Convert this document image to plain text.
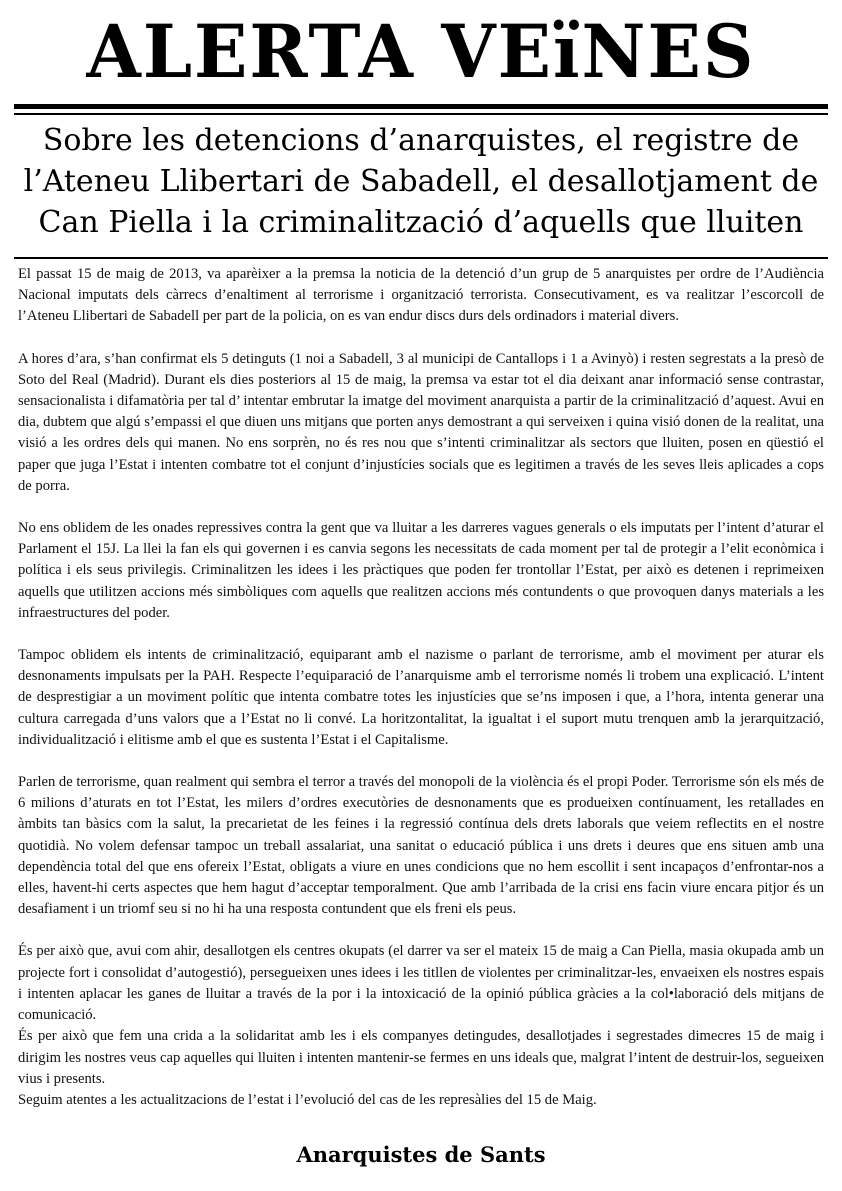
ALERTA VEïNES
Sobre les detencions d’anarquistes, el registre de l’Ateneu Llibertari de Sabadell, el desallotjament de Can Piella i la criminalització d’aquells que lluiten

El passat 15 de maig de 2013, va aparèixer a la premsa la noticia de la detenció d’un grup de 5 anarquistes per ordre de l’Audiència Nacional imputats dels càrrecs d’enaltiment al terrorisme i organització terrorista. Consecutivament, es va realitzar l’escorcoll de l’Ateneu Llibertari de Sabadell per part de la policia, on es van endur discs durs dels ordinadors i material divers.

A hores d’ara, s’han confirmat els 5 detinguts (1 noi a Sabadell, 3 al municipi de Cantallops i 1 a Avinyò) i resten segrestats a la presò de Soto del Real (Madrid). Durant els dies posteriors al 15 de maig, la premsa va estar tot el dia deixant anar informació sense contrastar, sensacionalista i difamatòria per tal d’ intentar embrutar la imatge del moviment anarquista a partir de la criminalització d’aquest. Avui en dia, dubtem que algú s’empassi el que diuen uns mitjans que porten anys demostrant a qui serveixen i quina visió donen de la realitat, una visió a les ordres dels qui manen. No ens sorprèn, no és res nou que s’intenti criminalitzar als sectors que lluiten, posen en qüestió el paper que juga l’Estat i intenten combatre tot el conjunt d’injustícies socials que es legitimen a través de les seves lleis aplicades a cops de porra.

No ens oblidem de les onades repressives contra la gent que va lluitar a les darreres vagues generals o els imputats per l’intent d’aturar el Parlament el 15J. La llei la fan els qui governen i es canvia segons les necessitats de cada moment per tal de protegir a l’elit econòmica i política i els seus privilegis. Criminalitzen les idees i les pràctiques que poden fer trontollar l’Estat, per això es detenen i reprimeixen aquells que utilitzen accions més simbòliques com aquells que realitzen accions més contundents o que provoquen danys materials a les infraestructures del poder.

Tampoc oblidem els intents de criminalització, equiparant amb el nazisme o parlant de terrorisme, amb el moviment per aturar els desnonaments impulsats per la PAH. Respecte l’equiparació de l’anarquisme amb el terrorisme només li trobem una explicació. L’intent de desprestigiar a un moviment polític que intenta combatre totes les injustícies que se’ns imposen i que, a l’hora, intenta generar una cultura carregada d’uns valors que a l’Estat no li convé. La horitzontalitat, la igualtat i el suport mutu trenquen amb la jerarquització, individualització i elitisme amb el que es sustenta l’Estat i el Capitalisme.

Parlen de terrorisme, quan realment qui sembra el terror a través del monopoli de la violència és el propi Poder. Terrorisme són els més de 6 milions d’aturats en tot l’Estat, les milers d’ordres executòries de desnonaments que es produeixen contínuament, les retallades en àmbits tan bàsics com la salut, la precarietat de les feines i la regressió contínua dels drets laborals que veiem reflectits en el nostre quotidià. No volem defensar tampoc un treball assalariat, una sanitat o educació pública i uns drets i deures que ens situen amb una dependència total del que ens ofereix l’Estat, obligats a viure en unes condicions que no hem escollit i sent incapaços d’enfrontar-nos a elles, havent-hi certs aspectes que hem hagut d’acceptar temporalment. Que amb l’arribada de la crisi ens facin viure encara pitjor és un desafiament i un triomf seu si no hi ha una resposta contundent que els freni els peus.

És per això que, avui com ahir, desallotgen els centres okupats (el darrer va ser el mateix 15 de maig a Can Piella, masia okupada amb un projecte fort i consolidat d’autogestió), persegueixen unes idees i les titllen de violentes per criminalitzar-les, envaeixen els nostres espais i intenten aplacar les ganes de lluitar a través de la por i la intoxicació de la opinió pública gràcies a la col•laboració dels mitjans de comunicació.

És per això que fem una crida a la solidaritat amb les i els companyes detingudes, desallotjades i segrestades dimecres 15 de maig i dirigim les nostres veus cap aquelles qui lluiten i intenten mantenir-se fermes en uns ideals que, malgrat l’intent de destruir-los, segueixen vius i presents.

Seguim atentes a les actualitzacions de l’estat i l’evolució del cas de les represàlies del 15 de Maig.

Anarquistes de Sants
